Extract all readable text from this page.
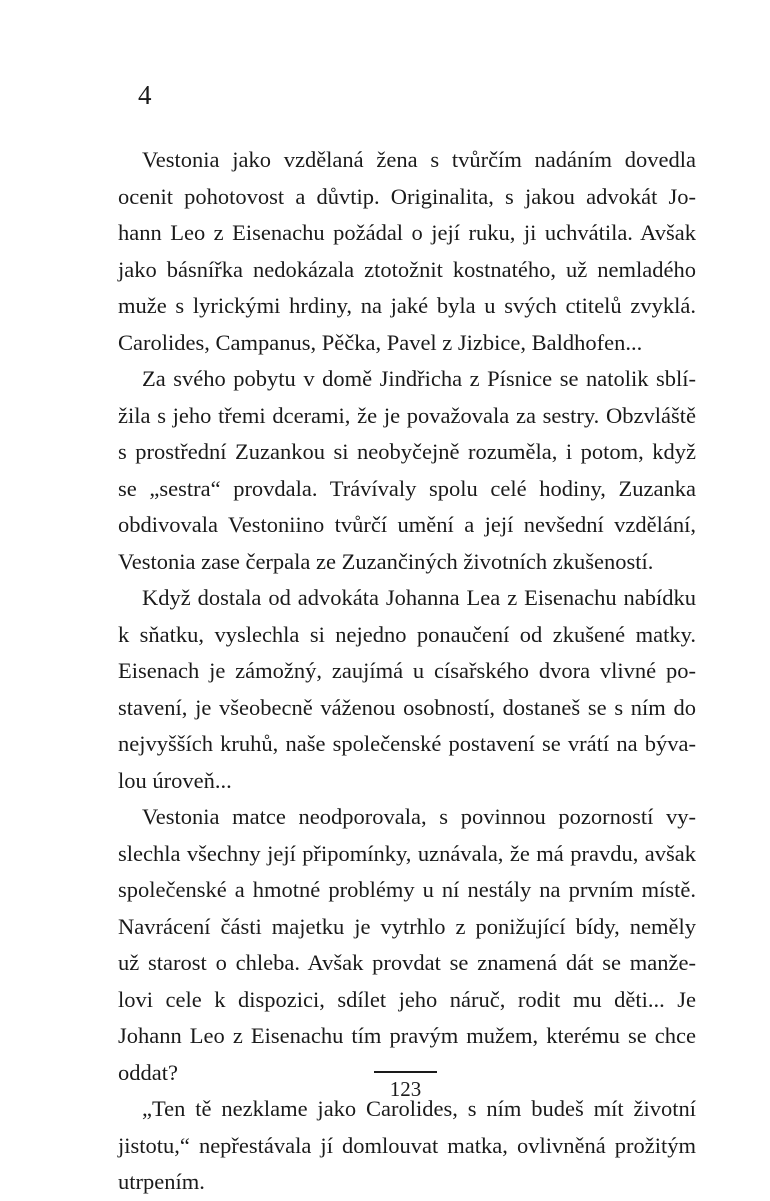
4
Vestonia jako vzdělaná žena s tvůrčím nadáním dovedla
ocenit pohotovost a důvtip. Originalita, s jakou advokát Jo-
hann Leo z Eisenachu požádal o její ruku, ji uchvátila. Avšak
jako básnířka nedokázala ztotožnit kostnatého, už nemladého
muže s lyrickými hrdiny, na jaké byla u svých ctitelů zvyklá.
Carolides, Campanus, Pěčka, Pavel z Jizbice, Baldhofen...
Za svého pobytu v domě Jindřicha z Písnice se natolik sblí-
žila s jeho třemi dcerami, že je považovala za sestry. Obzvláště
s prostřední Zuzankou si neobyčejně rozuměla, i potom, když
se „sestra“ provdala. Trávívaly spolu celé hodiny, Zuzanka
obdivovala Vestoniino tvůrčí umění a její nevšední vzdělání,
Vestonia zase čerpala ze Zuzančiných životních zkušeností.
Když dostala od advokáta Johanna Lea z Eisenachu nabídku
k sňatku, vyslechla si nejedno ponaučení od zkušené matky.
Eisenach je zámožný, zaujímá u císařského dvora vlivné po-
stavení, je všeobecně váženou osobností, dostaneš se s ním do
nejvyšších kruhů, naše společenské postavení se vrátí na býva-
lou úroveň...
Vestonia matce neodporovala, s povinnou pozorností vy-
slechla všechny její připomínky, uznávala, že má pravdu, avšak
společenské a hmotné problémy u ní nestály na prvním místě.
Navrácení části majetku je vytrhlo z ponižující bídy, neměly
už starost o chleba. Avšak provdat se znamená dát se manže-
lovi cele k dispozici, sdílet jeho náruč, rodit mu děti... Je
Johann Leo z Eisenachu tím pravým mužem, kterému se chce
oddat?
„Ten tě nezklame jako Carolides, s ním budeš mít životní
jistotu,“ nepřestávala jí domlouvat matka, ovlivněná prožitým
utrpením.
123
